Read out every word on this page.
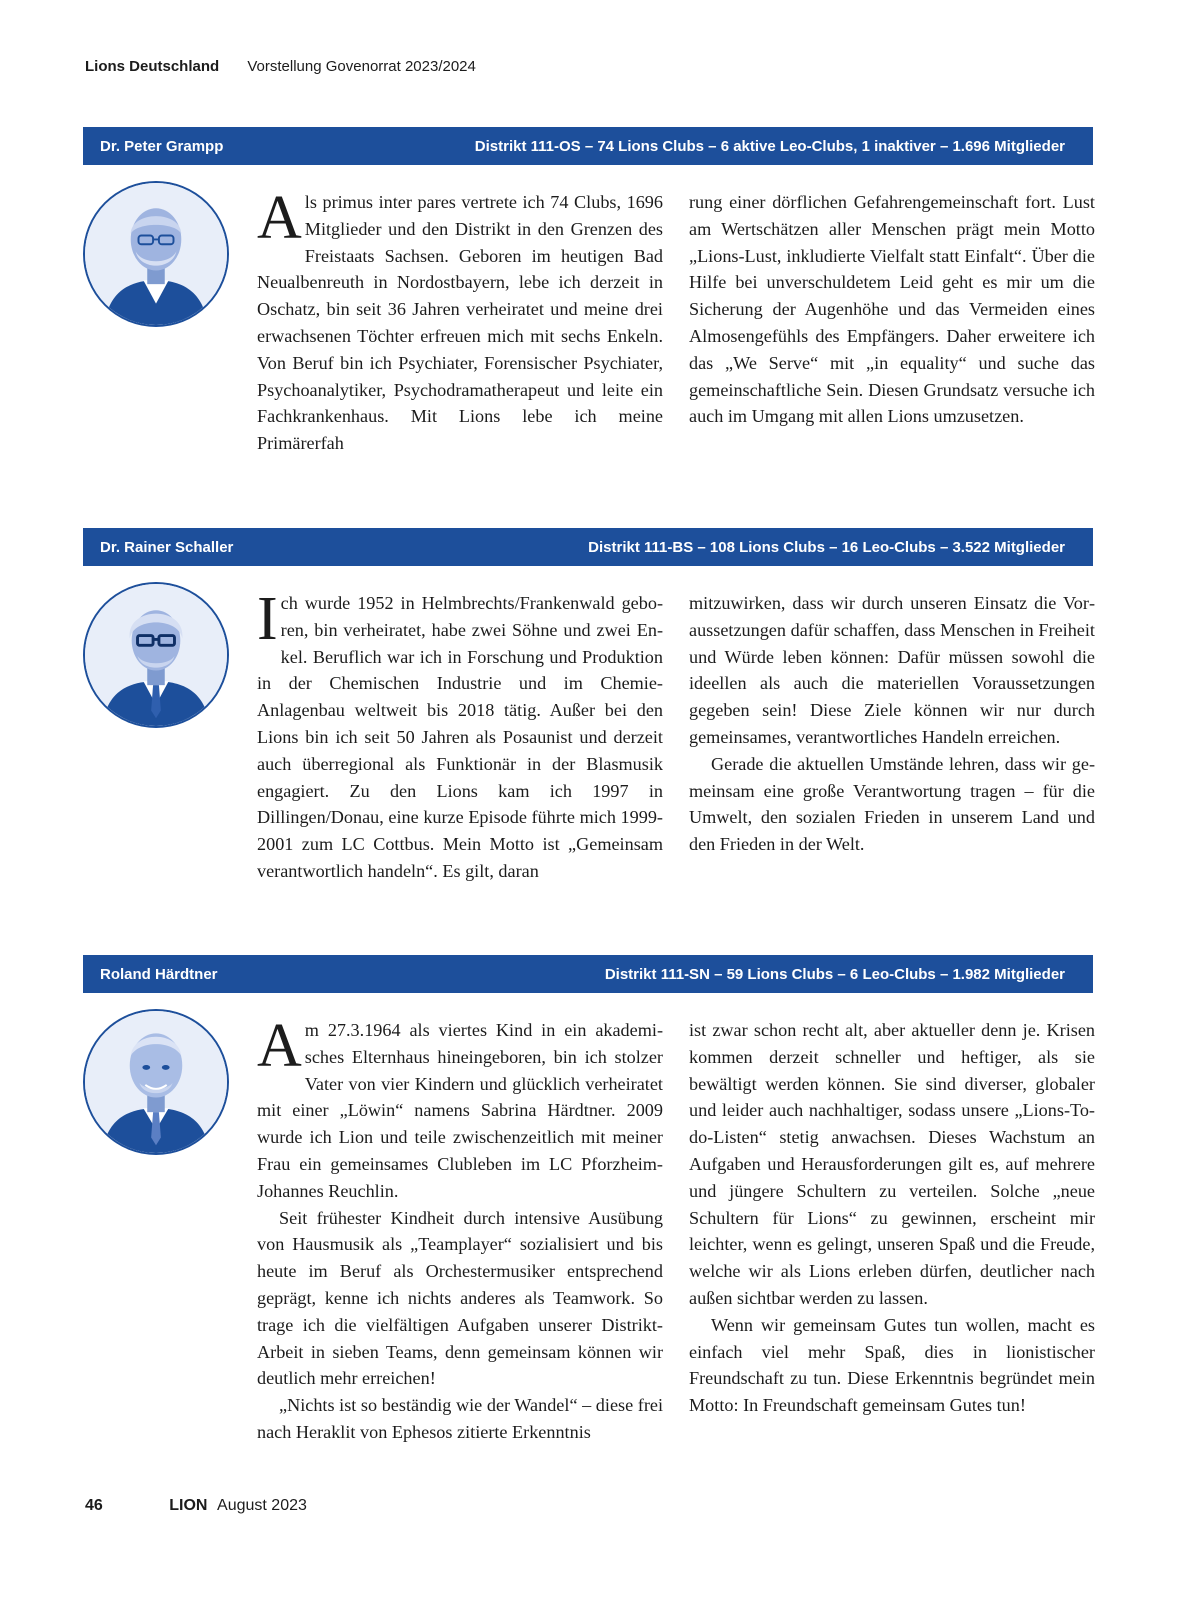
Lions Deutschland Vorstellung Govenorrat 2023/2024
Dr. Peter Grampp	Distrikt 111-OS – 74 Lions Clubs – 6 aktive Leo-Clubs, 1 inaktiver – 1.696 Mitglieder

Als primus inter pares vertrete ich 74 Clubs, 1696 Mitglieder und den Distrikt in den Grenzen des Freistaats Sachsen. Geboren im heutigen Bad Neualbenreuth in Nordostbayern, lebe ich derzeit in Oschatz, bin seit 36 Jahren verheiratet und meine drei erwachsenen Töchter erfreuen mich mit sechs Enkeln. Von Beruf bin ich Psychiater, Forensischer Psychiater, Psychoanalytiker, Psychodramatherapeut und leite ein Fachkrankenhaus. Mit Lions lebe ich meine Primärerfah

rung einer dörflichen Gefahrengemeinschaft fort. Lust am Wertschätzen aller Menschen prägt mein Motto „Lions-Lust, inkludierte Vielfalt statt Einfalt“. Über die Hilfe bei unverschuldetem Leid geht es mir um die Sicherung der Augenhöhe und das Vermeiden eines Almosengefühls des Empfängers. Daher erweitere ich das „We Serve“ mit „in equality“ und suche das gemeinschaftliche Sein. Diesen Grundsatz versuche ich auch im Umgang mit allen Lions umzusetzen.

Dr. Rainer Schaller	Distrikt 111-BS – 108 Lions Clubs – 16 Leo-Clubs – 3.522 Mitglieder

Ich wurde 1952 in Helmbrechts/Frankenwald geboren, bin verheiratet, habe zwei Söhne und zwei Enkel. Beruflich war ich in Forschung und Produktion in der Chemischen Industrie und im Chemie-Anlagenbau weltweit bis 2018 tätig. Außer bei den Lions bin ich seit 50 Jahren als Posaunist und derzeit auch überregional als Funktionär in der Blasmusik engagiert. Zu den Lions kam ich 1997 in Dillingen/Donau, eine kurze Episode führte mich 1999-2001 zum LC Cottbus. Mein Motto ist „Gemeinsam verantwortlich handeln“. Es gilt, daran

mitzuwirken, dass wir durch unseren Einsatz die Voraussetzungen dafür schaffen, dass Menschen in Freiheit und Würde leben können: Dafür müssen sowohl die ideellen als auch die materiellen Voraussetzungen gegeben sein! Diese Ziele können wir nur durch gemeinsames, verantwortliches Handeln erreichen.

Gerade die aktuellen Umstände lehren, dass wir gemeinsam eine große Verantwortung tragen – für die Umwelt, den sozialen Frieden in unserem Land und den Frieden in der Welt.

Roland Härdtner	Distrikt 111-SN – 59 Lions Clubs – 6 Leo-Clubs – 1.982 Mitglieder

Am 27.3.1964 als viertes Kind in ein akademisches Elternhaus hineingeboren, bin ich stolzer Vater von vier Kindern und glücklich verheiratet mit einer „Löwin“ namens Sabrina Härdtner. 2009 wurde ich Lion und teile zwischenzeitlich mit meiner Frau ein gemeinsames Clubleben im LC Pforzheim-Johannes Reuchlin.

Seit frühester Kindheit durch intensive Ausübung von Hausmusik als „Teamplayer“ sozialisiert und bis heute im Beruf als Orchestermusiker entsprechend geprägt, kenne ich nichts anderes als Teamwork. So trage ich die vielfältigen Aufgaben unserer Distrikt-Arbeit in sieben Teams, denn gemeinsam können wir deutlich mehr erreichen!

„Nichts ist so beständig wie der Wandel“ – diese frei nach Heraklit von Ephesos zitierte Erkenntnis

ist zwar schon recht alt, aber aktueller denn je. Krisen kommen derzeit schneller und heftiger, als sie bewältigt werden können. Sie sind diverser, globaler und leider auch nachhaltiger, sodass unsere „Lions-To-do-Listen“ stetig anwachsen. Dieses Wachstum an Aufgaben und Herausforderungen gilt es, auf mehrere und jüngere Schultern zu verteilen. Solche „neue Schultern für Lions“ zu gewinnen, erscheint mir leichter, wenn es gelingt, unseren Spaß und die Freude, welche wir als Lions erleben dürfen, deutlicher nach außen sichtbar werden zu lassen.

Wenn wir gemeinsam Gutes tun wollen, macht es einfach viel mehr Spaß, dies in lionistischer Freundschaft zu tun. Diese Erkenntnis begründet mein Motto: In Freundschaft gemeinsam Gutes tun!

46	LION August 2023
